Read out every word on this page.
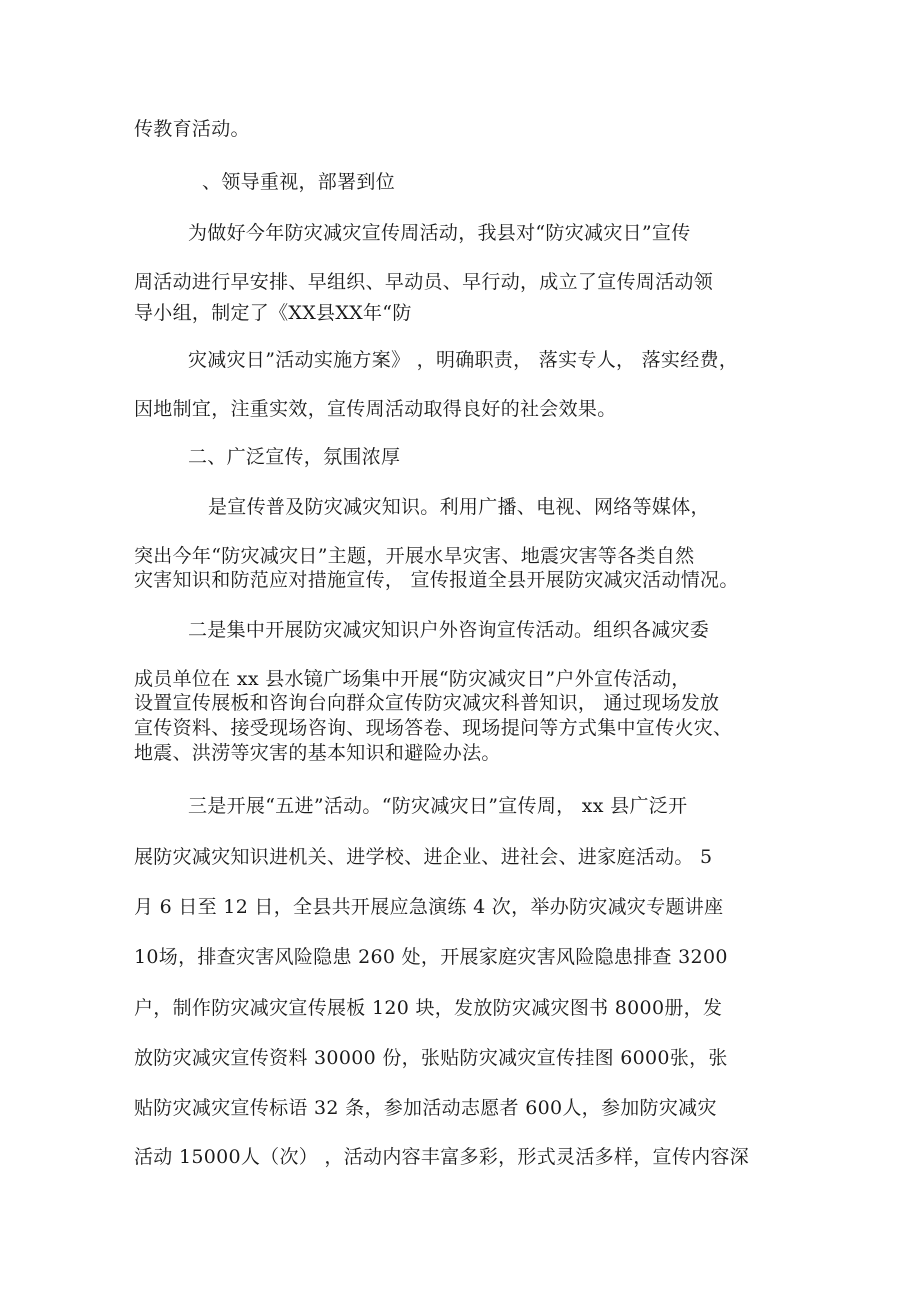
传教育活动。
、领导重视，部署到位
为做好今年防灾减灾宣传周活动，我县对“防灾减灾日”宣传
周活动进行早安排、早组织、早动员、早行动，成立了宣传周活动领
导小组，制定了《XX县XX年“防
灾减灾日”活动实施方案》 ，明确职责， 落实专人， 落实经费，
因地制宜，注重实效，宣传周活动取得良好的社会效果。
二、广泛宣传，氛围浓厚
是宣传普及防灾减灾知识。利用广播、电视、网络等媒体，
突出今年“防灾减灾日”主题，开展水旱灾害、地震灾害等各类自然
灾害知识和防范应对措施宣传， 宣传报道全县开展防灾减灾活动情况。
二是集中开展防灾减灾知识户外咨询宣传活动。组织各减灾委
成员单位在 xx 县水镜广场集中开展“防灾减灾日”户外宣传活动，
设置宣传展板和咨询台向群众宣传防灾减灾科普知识， 通过现场发放
宣传资料、接受现场咨询、现场答卷、现场提问等方式集中宣传火灾、
地震、洪涝等灾害的基本知识和避险办法。
三是开展“五进”活动。“防灾减灾日”宣传周， xx 县广泛开
展防灾减灾知识进机关、进学校、进企业、进社会、进家庭活动。 5
月 6 日至 12 日，全县共开展应急演练 4 次，举办防灾减灾专题讲座
10场，排查灾害风险隐患 260 处，开展家庭灾害风险隐患排查 3200
户，制作防灾减灾宣传展板 120 块，发放防灾减灾图书 8000册，发
放防灾减灾宣传资料 30000 份，张贴防灾减灾宣传挂图 6000张，张
贴防灾减灾宣传标语 32 条，参加活动志愿者 600人，参加防灾减灾
活动 15000人（次） ，活动内容丰富多彩，形式灵活多样，宣传内容深
